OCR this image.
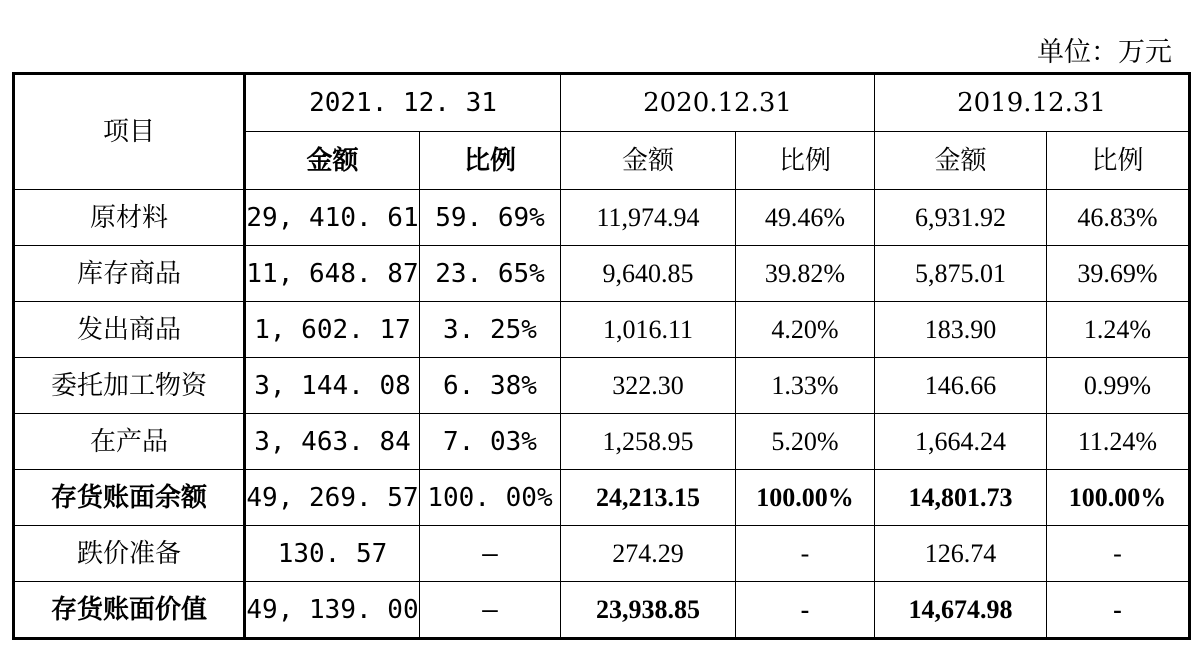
单位：万元
项目	2021. 12. 31		2020.12.31		2019.12.31	
	金额	比例	金额	比例	金额	比例
原材料	29, 410. 61	59. 69%	11,974.94	49.46%	6,931.92	46.83%
库存商品	11, 648. 87	23. 65%	9,640.85	39.82%	5,875.01	39.69%
发出商品	1, 602. 17	3. 25%	1,016.11	4.20%	183.90	1.24%
委托加工物资	3, 144. 08	6. 38%	322.30	1.33%	146.66	0.99%
在产品	3, 463. 84	7. 03%	1,258.95	5.20%	1,664.24	11.24%
存货账面余额	49, 269. 57	100. 00%	24,213.15	100.00%	14,801.73	100.00%
跌价准备	130. 57	–	274.29	-	126.74	-
存货账面价值	49, 139. 00	–	23,938.85	-	14,674.98	-
